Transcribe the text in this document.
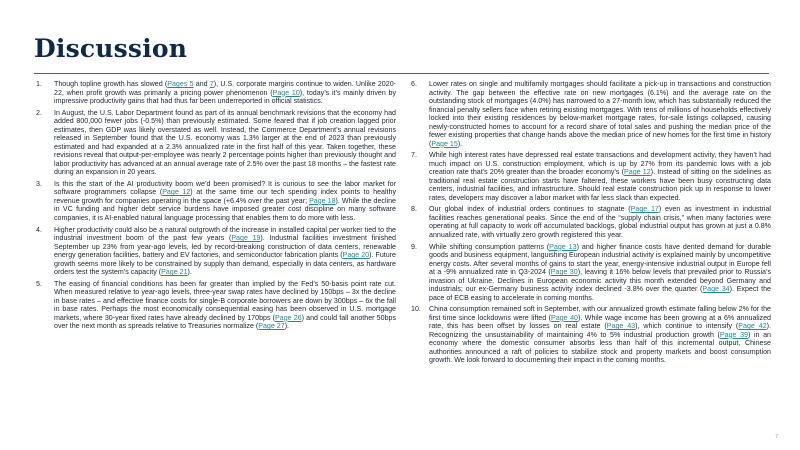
Discussion
1. Though topline growth has slowed (Pages 5 and 7), U.S. corporate margins continue to widen. Unlike 2020-22, when profit growth was primarily a pricing power phenomenon (Page 10), today’s it’s mainly driven by impressive productivity gains that had thus far been underreported in official statistics.
2. In August, the U.S. Labor Department found as part of its annual benchmark revisions that the economy had added 800,000 fewer jobs (-0.5%) than previously estimated. Some feared that if job creation lagged prior estimates, then GDP was likely overstated as well. Instead, the Commerce Department’s annual revisions released in September found that the U.S. economy was 1.3% larger at the end of 2023 than previously estimated and had expanded at a 2.3% annualized rate in the first half of this year. Taken together, these revisions reveal that output-per-employee was nearly 2 percentage points higher than previously thought and labor productivity has advanced at an annual average rate of 2.5% over the past 18 months – the fastest rate during an expansion in 20 years.
3. Is this the start of the AI productivity boom we’d been promised? It is curious to see the labor market for software programmers collapse (Page 12) at the same time our tech spending index points to healthy revenue growth for companies operating in the space (+6.4% over the past year; Page 18). While the decline in VC funding and higher debt service burdens have imposed greater cost discipline on many software companies, it is AI-enabled natural language processing that enables them to do more with less.
4. Higher productivity could also be a natural outgrowth of the increase in installed capital per worker tied to the industrial investment boom of the past few years (Page 19). Industrial facilities investment finished September up 23% from year-ago levels, led by record-breaking construction of data centers, renewable energy generation facilities, battery and EV factories, and semiconductor fabrication plants (Page 20). Future growth seems more likely to be constrained by supply than demand, especially in data centers, as hardware orders test the system’s capacity (Page 21).
5. The easing of financial conditions has been far greater than implied by the Fed’s 50-basis point rate cut. When measured relative to year-ago levels, three-year swap rates have declined by 150bps – 3x the decline in base rates – and effective finance costs for single-B corporate borrowers are down by 300bps – 6x the fall in base rates. Perhaps the most economically consequential easing has been observed in U.S. mortgage markets, where 30-year fixed rates have already declined by 170bps (Page 26) and could fall another 50bps over the next month as spreads relative to Treasuries normalize (Page 27).
6. Lower rates on single and multifamily mortgages should facilitate a pick-up in transactions and construction activity. The gap between the effective rate on new mortgages (6.1%) and the average rate on the outstanding stock of mortgages (4.0%) has narrowed to a 27-month low, which has substantially reduced the financial penalty sellers face when retiring existing mortgages. With tens of millions of households effectively locked into their existing residences by below-market mortgage rates, for-sale listings collapsed, causing newly-constructed homes to account for a record share of total sales and pushing the median price of the fewer existing properties that change hands above the median price of new homes for the first time in history (Page 15).
7. While high interest rates have depressed real estate transactions and development activity, they haven’t had much impact on U.S. construction employment, which is up by 27% from its pandemic lows with a job creation rate that’s 20% greater than the broader economy’s (Page 12). Instead of sitting on the sidelines as traditional real estate construction starts have faltered, these workers have been busy constructing data centers, industrial facilities, and infrastructure. Should real estate construction pick up in response to lower rates, developers may discover a labor market with far less slack than expected.
8. Our global index of industrial orders continues to stagnate (Page 17) even as investment in industrial facilities reaches generational peaks. Since the end of the “supply chain crisis,” when many factories were operating at full capacity to work off accumulated backlogs, global industrial output has grown at just a 0.8% annualized rate, with virtually zero growth registered this year.
9. While shifting consumption patterns (Page 13) and higher finance costs have dented demand for durable goods and business equipment, languishing European industrial activity is explained mainly by uncompetitive energy costs. After several months of gains to start the year, energy-intensive industrial output in Europe fell at a -9% annualized rate in Q3-2024 (Page 30), leaving it 16% below levels that prevailed prior to Russia’s invasion of Ukraine. Declines in European economic activity this month extended beyond Germany and industrials; our ex-Germany business activity index declined -3.8% over the quarter (Page 34). Expect the pace of ECB easing to accelerate in coming months.
10. China consumption remained soft in September, with our annualized growth estimate falling below 2% for the first time since lockdowns were lifted (Page 40). While wage income has been growing at a 6% annualized rate, this has been offset by losses on real estate (Page 43), which continue to intensify (Page 42). Recognizing the unsustainability of maintaining 4% to 5% industrial production growth (Page 39) in an economy where the domestic consumer absorbs less than half of this incremental output, Chinese authorities announced a raft of policies to stabilize stock and property markets and boost consumption growth. We look forward to documenting their impact in the coming months.
7
